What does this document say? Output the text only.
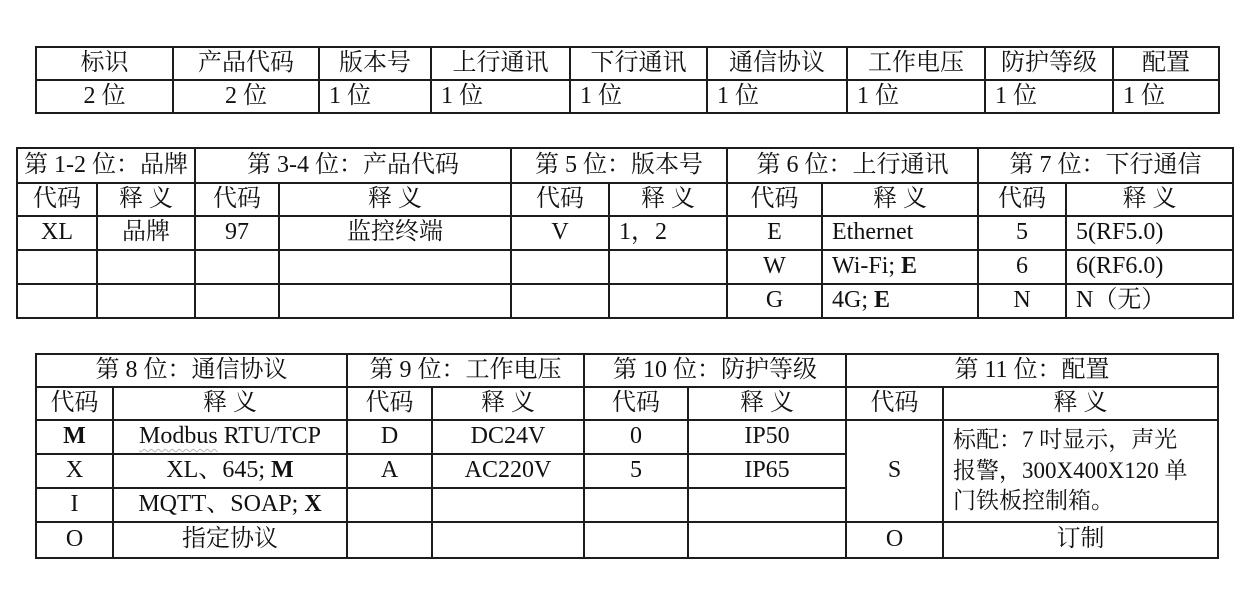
标识	产品代码	版本号	上行通讯	下行通讯	通信协议	工作电压	防护等级	配置
2 位	2 位	1 位	1 位	1 位	1 位	1 位	1 位	1 位
第 1-2 位：品牌		第 3-4 位：产品代码		第 5 位：版本号		第 6 位：上行通讯		第 7 位：下行通信	
代码	释 义	代码	释 义	代码	释 义	代码	释 义	代码	释 义
XL	品牌	97	监控终端	V	1，2	E	Ethernet	5	5(RF5.0)
						W	Wi-Fi; E	6	6(RF6.0)
						G	4G; E	N	N（无）
第 8 位：通信协议		第 9 位：工作电压		第 10 位：防护等级		第 11 位：配置	
代码	释 义	代码	释 义	代码	释 义	代码	释 义
M	Modbus RTU/TCP	D	DC24V	0	IP50	S	标配：7 吋显示，声光
报警，300X400X120 单
门铁板控制箱。
X	XL、645; M	A	AC220V	5	IP65		
I	MQTT、SOAP; X						
O	指定协议					O	订制
